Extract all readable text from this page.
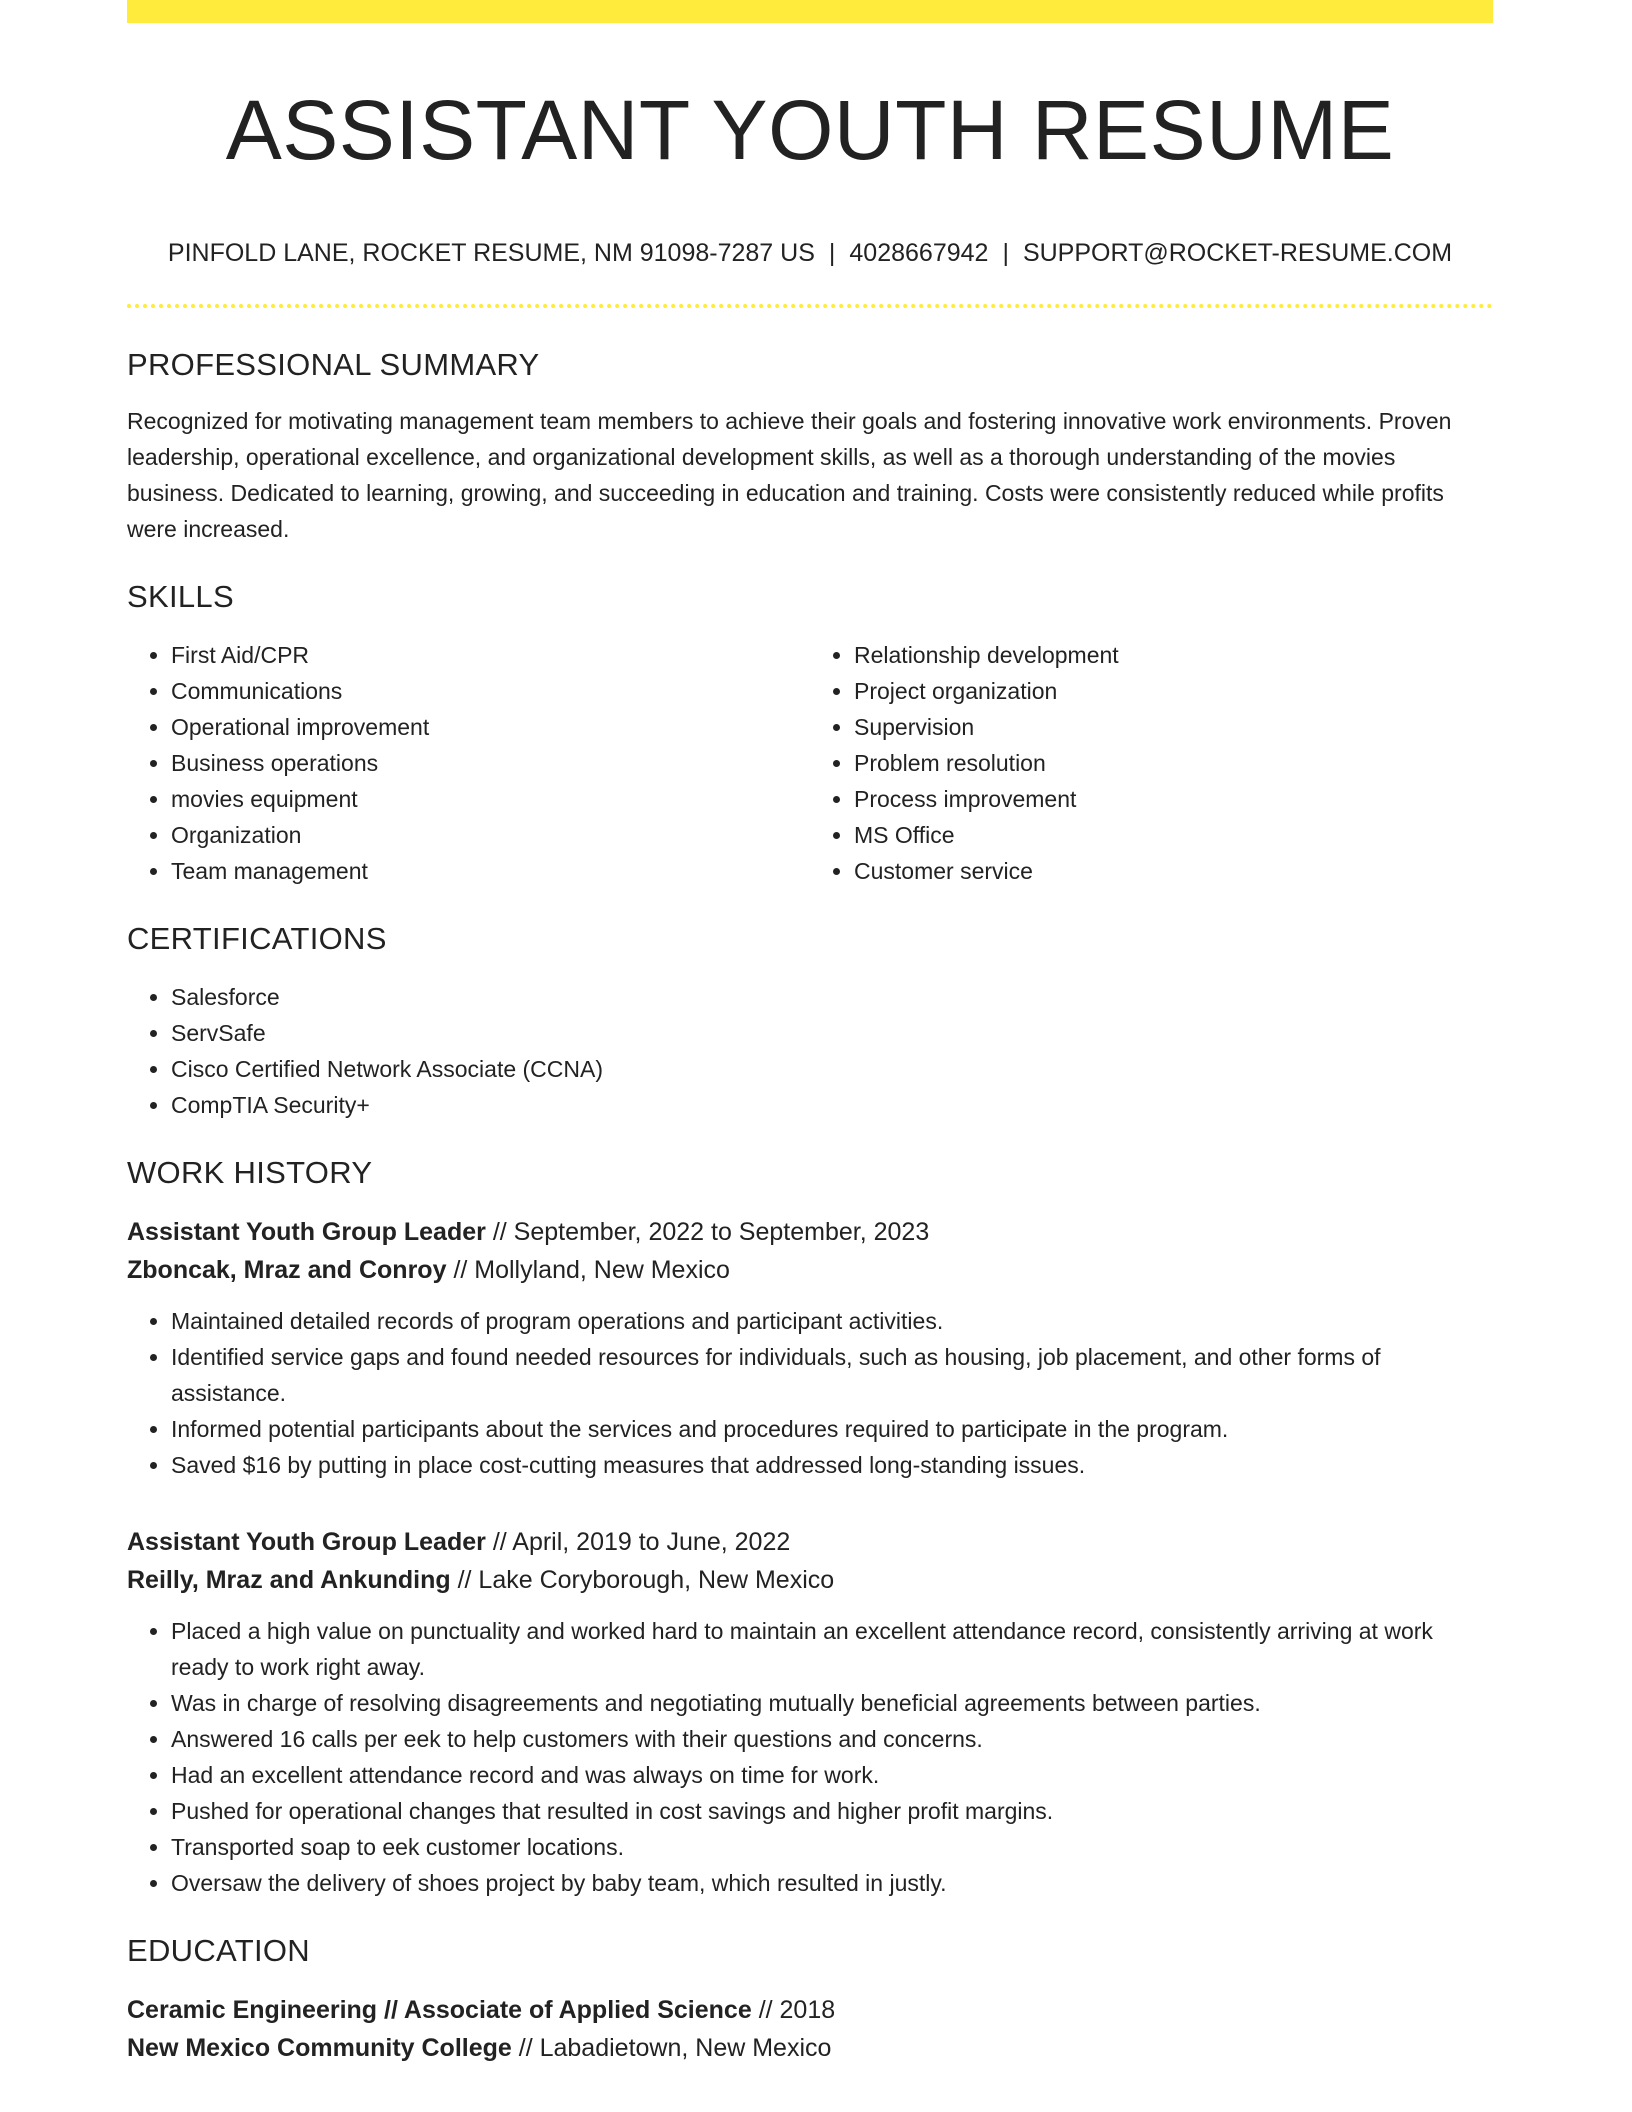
ASSISTANT YOUTH RESUME
PINFOLD LANE, ROCKET RESUME, NM 91098-7287 US | 4028667942 | SUPPORT@ROCKET-RESUME.COM
PROFESSIONAL SUMMARY

Recognized for motivating management team members to achieve their goals and fostering innovative work environments. Proven leadership, operational excellence, and organizational development skills, as well as a thorough understanding of the movies business. Dedicated to learning, growing, and succeeding in education and training. Costs were consistently reduced while profits were increased.

SKILLS
• First Aid/CPR
• Communications
• Operational improvement
• Business operations
• movies equipment
• Organization
• Team management
• Relationship development
• Project organization
• Supervision
• Problem resolution
• Process improvement
• MS Office
• Customer service
CERTIFICATIONS
• Salesforce
• ServSafe
• Cisco Certified Network Associate (CCNA)
• CompTIA Security+
WORK HISTORY
Assistant Youth Group Leader // September, 2022 to September, 2023
Zboncak, Mraz and Conroy // Mollyland, New Mexico
• Maintained detailed records of program operations and participant activities.
• Identified service gaps and found needed resources for individuals, such as housing, job placement, and other forms of assistance.
• Informed potential participants about the services and procedures required to participate in the program.
• Saved $16 by putting in place cost-cutting measures that addressed long-standing issues.
Assistant Youth Group Leader // April, 2019 to June, 2022
Reilly, Mraz and Ankunding // Lake Coryborough, New Mexico
• Placed a high value on punctuality and worked hard to maintain an excellent attendance record, consistently arriving at work ready to work right away.
• Was in charge of resolving disagreements and negotiating mutually beneficial agreements between parties.
• Answered 16 calls per eek to help customers with their questions and concerns.
• Had an excellent attendance record and was always on time for work.
• Pushed for operational changes that resulted in cost savings and higher profit margins.
• Transported soap to eek customer locations.
• Oversaw the delivery of shoes project by baby team, which resulted in justly.
EDUCATION
Ceramic Engineering // Associate of Applied Science // 2018
New Mexico Community College // Labadietown, New Mexico
